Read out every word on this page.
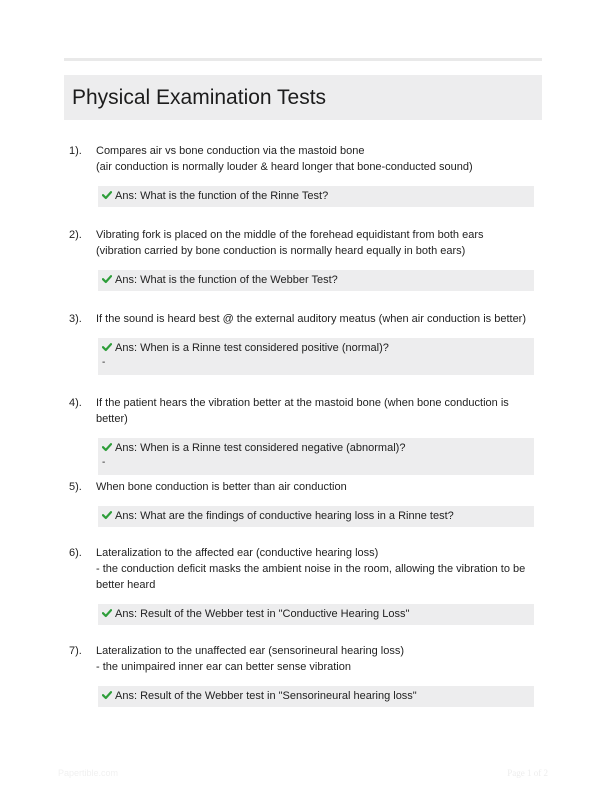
Physical Examination Tests
1). Compares air vs bone conduction via the mastoid bone
(air conduction is normally louder & heard longer that bone-conducted sound)
Ans: What is the function of the Rinne Test?
2). Vibrating fork is placed on the middle of the forehead equidistant from both ears
(vibration carried by bone conduction is normally heard equally in both ears)
Ans: What is the function of the Webber Test?
3). If the sound is heard best @ the external auditory meatus (when air conduction is better)
Ans: When is a Rinne test considered positive (normal)?
-
4). If the patient hears the vibration better at the mastoid bone (when bone conduction is better)
Ans: When is a Rinne test considered negative (abnormal)?
-
5). When bone conduction is better than air conduction
Ans: What are the findings of conductive hearing loss in a Rinne test?
6). Lateralization to the affected ear (conductive hearing loss)
- the conduction deficit masks the ambient noise in the room, allowing the vibration to be
better heard
Ans: Result of the Webber test in "Conductive Hearing Loss"
7). Lateralization to the unaffected ear (sensorineural hearing loss)
- the unimpaired inner ear can better sense vibration
Ans: Result of the Webber test in "Sensorineural hearing loss"
Papertible.com	Page 1 of 2
